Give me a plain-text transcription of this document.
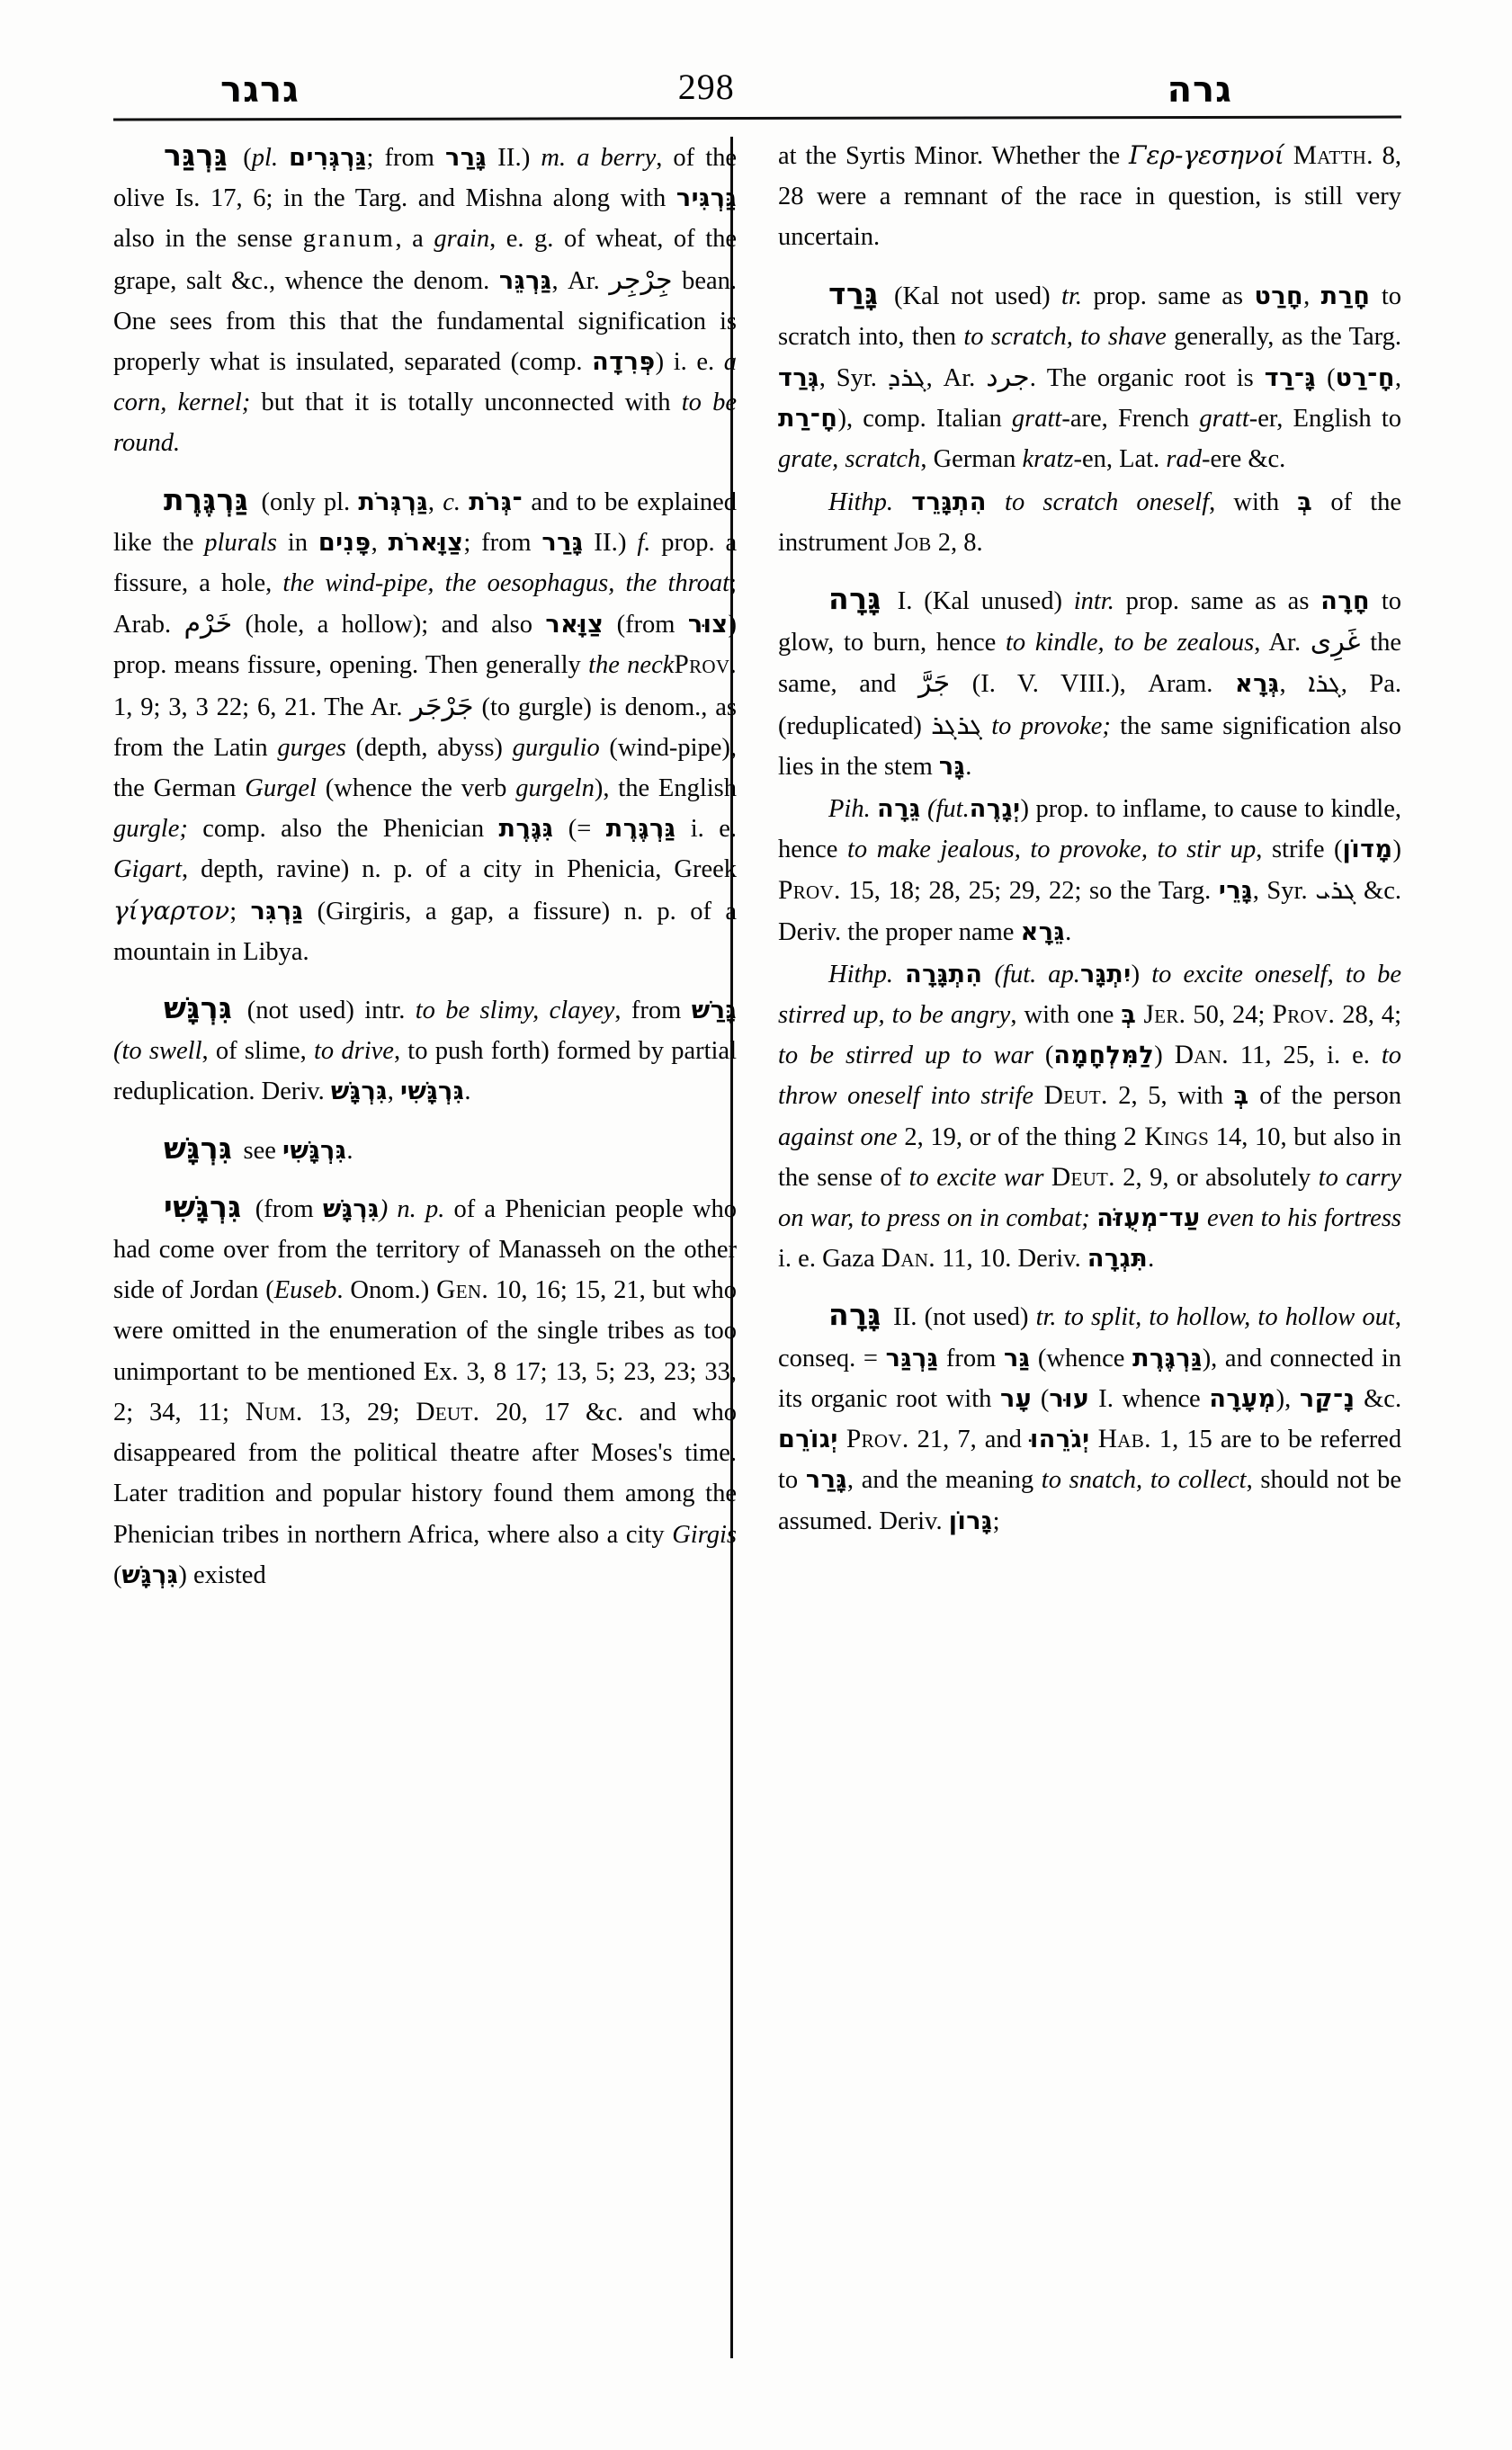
גרגר	298	גרה

גַּרְגַּר (pl. גַּרְגְּרִים; from גָּרַר II.) m. a berry, of the olive Is. 17, 6; in the Targ. and Mishna along with גַּרְגִּיר also in the sense granum, a grain, e. g. of wheat, of the grape, salt &c., whence the denom. גַּרְגֵּר, Ar. جِرْجِر bean. One sees from this that the fundamental signification is properly what is insulated, separated (comp. פְּרִדָה) i. e. a corn, kernel; but that it is totally unconnected with to be round.

גַּרְגֶּרֶת (only pl. גַּרְגְּרֹת, c. ־גְּרֹת and to be explained like the plurals in פָּנִים, צַוָּארֹת; from גָּרַר II.) f. prop. a fissure, a hole, the wind-pipe, the oesophagus, the throat; Arab. خَرْم (hole, a hollow); and also צַוָּאר (from צוּר) prop. means fissure, opening. Then generally the neckProv. 1, 9; 3, 3 22; 6, 21. The Ar. جَرْجَر (to gurgle) is denom., as from the Latin gurges (depth, abyss) gurgulio (wind-pipe), the German Gurgel (whence the verb gurgeln), the English gurgle; comp. also the Phenician גִּגֶּרֶת (= גַּרְגֶּרֶת i. e. Gigart, depth, ravine) n. p. of a city in Phenicia, Greek γίγαρτον; גַּרְגִּר (Girgiris, a gap, a fissure) n. p. of a mountain in Libya.

גִּרְגָּשׁ (not used) intr. to be slimy, clayey, from גָּרַשׁ (to swell, of slime, to drive, to push forth) formed by partial reduplication. Deriv. גִּרְגָּשׁ, גִּרְגָּשִׁי.

גִּרְגָּשׁ see גִּרְגָּשִׁי.

גִּרְגָּשִׁי (from גִּרְגָּשׁ) n. p. of a Phenician people who had come over from the territory of Manasseh on the other side of Jordan (Euseb. Onom.) Gen. 10, 16; 15, 21, but who were omitted in the enumeration of the single tribes as too unimportant to be mentioned Ex. 3, 8 17; 13, 5; 23, 23; 33, 2; 34, 11; Num. 13, 29; Deut. 20, 17 &c. and who disappeared from the political theatre after Moses's time. Later tradition and popular history found them among the Phenician tribes in northern Africa, where also a city Girgis (גִּרְגָּשׁ) existed

at the Syrtis Minor. Whether the Γερ-γεσηνοί Matth. 8, 28 were a remnant of the race in question, is still very uncertain.

גָּרַד (Kal not used) tr. prop. same as חָרַט, חָרַת to scratch into, then to scratch, to shave generally, as the Targ. גְּרַד, Syr. ܓܪܕ, Ar. جرد. The organic root is גָּ־רַד (חָ־רַט, חָ־רַת), comp. Italian gratt-are, French gratt-er, English to grate, scratch, German kratz-en, Lat. rad-ere &c.

Hithp. הִתְגָּרֵד to scratch oneself, with בְּ of the instrument Job 2, 8.

גָּרָה I. (Kal unused) intr. prop. same as as חָרָה to glow, to burn, hence to kindle, to be zealous, Ar. غَرِى the same, and جَرَّ (I. V. VIII.), Aram. גְּרָא, ܓܪܐ, Pa. (reduplicated) ܓܪܓܪ to provoke; the same signification also lies in the stem גָּר.

Pih. גֵּרָה (fut.יְגָרֶה) prop. to inflame, to cause to kindle, hence to make jealous, to provoke, to stir up, strife (מָדוֹן) Prov. 15, 18; 28, 25; 29, 22; so the Targ. גָּרֵי, Syr. ܓܪܝ &c. Deriv. the proper name גֵּרָא.

Hithp. הִתְגָּרָה (fut. ap.יִתְגָּר) to excite oneself, to be stirred up, to be angry, with one בְּ Jer. 50, 24; Prov. 28, 4; to be stirred up to war (לַמִּלְחָמָה) Dan. 11, 25, i. e. to throw oneself into strife Deut. 2, 5, with בְּ of the person against one 2, 19, or of the thing 2 Kings 14, 10, but also in the sense of to excite war Deut. 2, 9, or absolutely to carry on war, to press on in combat; עַד־מְעֻזֹּה even to his fortress i. e. Gaza Dan. 11, 10. Deriv. תִּגְרָה.

גָּרָה II. (not used) tr. to split, to hollow, to hollow out, conseq. = גַּרְגַּר from גַּר (whence גַּרְגֶּרֶת), and connected in its organic root with עָר (עוּר I. whence מְעָרָה), נָ־קַר &c. יְגוֹרֵם Prov. 21, 7, and יְגֹרֵהוּ Hab. 1, 15 are to be referred to גָּרַר, and the meaning to snatch, to collect, should not be assumed. Deriv. גָּרוֹן;
